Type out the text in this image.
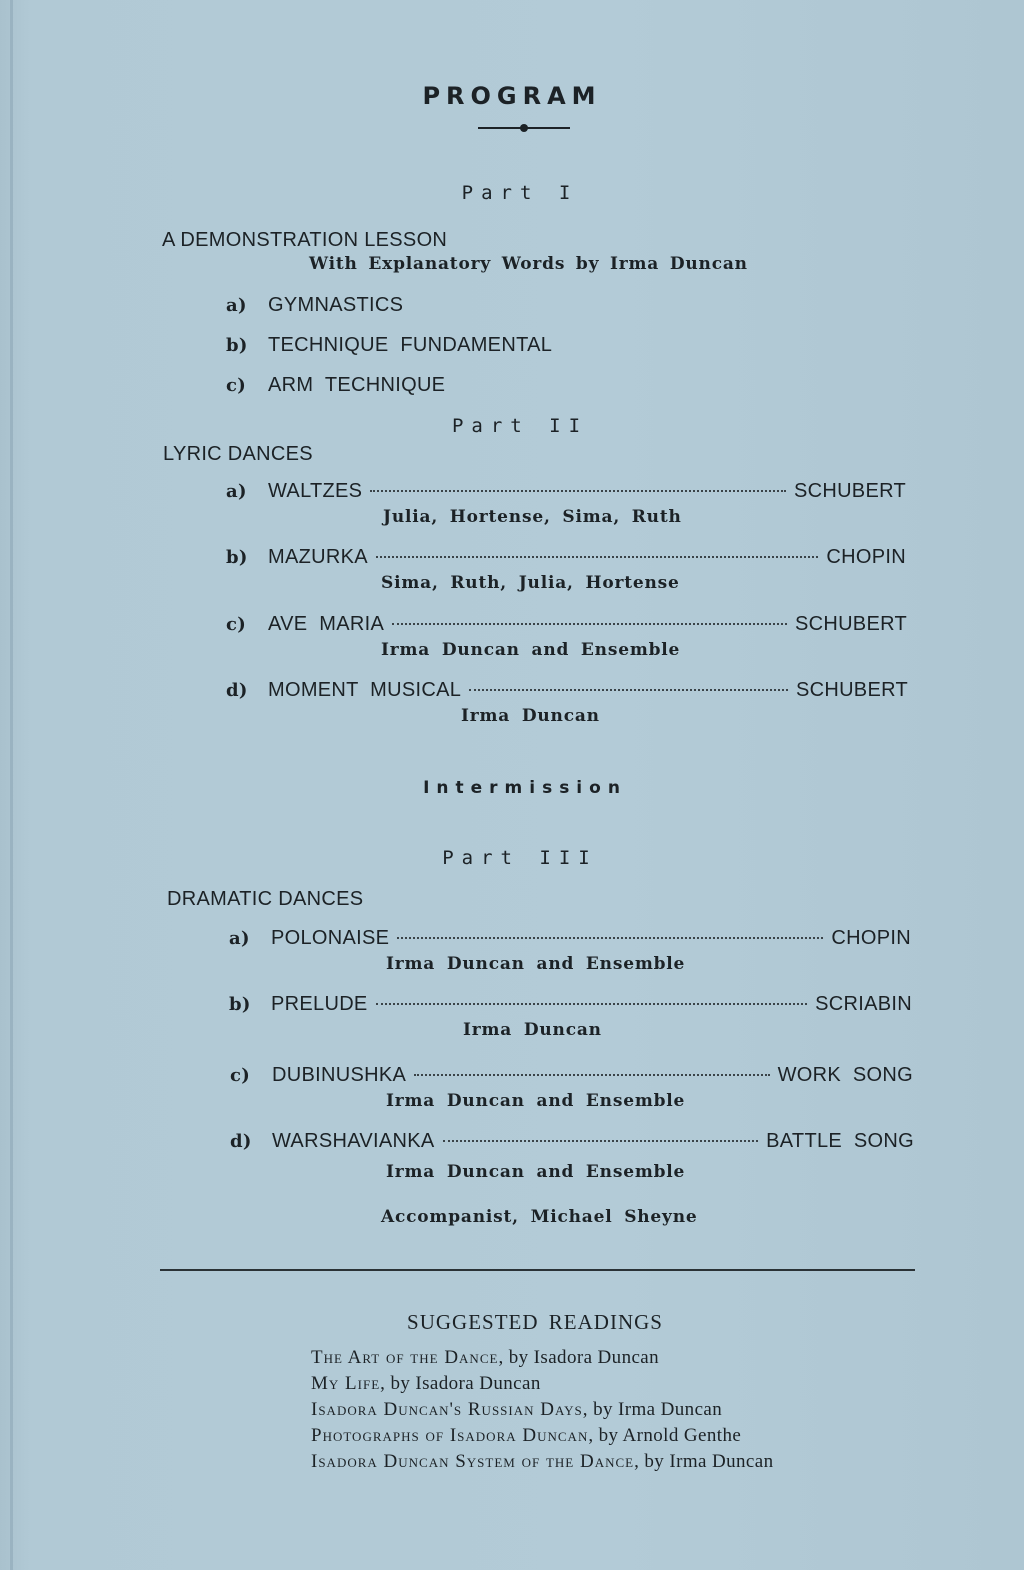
PROGRAM
Part I
A DEMONSTRATION LESSON
With Explanatory Words by Irma Duncan
a)	GYMNASTICS
b)	TECHNIQUE FUNDAMENTAL
c)	ARM TECHNIQUE
Part II
LYRIC DANCES
a)	WALTZES	SCHUBERT
Julia, Hortense, Sima, Ruth
b)	MAZURKA	CHOPIN
Sima, Ruth, Julia, Hortense
c)	AVE MARIA	SCHUBERT
Irma Duncan and Ensemble
d)	MOMENT MUSICAL	SCHUBERT
Irma Duncan
Intermission
Part III
DRAMATIC DANCES
a)	POLONAISE	CHOPIN
Irma Duncan and Ensemble
b)	PRELUDE	SCRIABIN
Irma Duncan
c)	DUBINUSHKA	WORK SONG
Irma Duncan and Ensemble
d)	WARSHAVIANKA	BATTLE SONG
Irma Duncan and Ensemble
Accompanist, Michael Sheyne
SUGGESTED READINGS
The Art of the Dance, by Isadora Duncan
My Life, by Isadora Duncan
Isadora Duncan's Russian Days, by Irma Duncan
Photographs of Isadora Duncan, by Arnold Genthe
Isadora Duncan System of the Dance, by Irma Duncan
